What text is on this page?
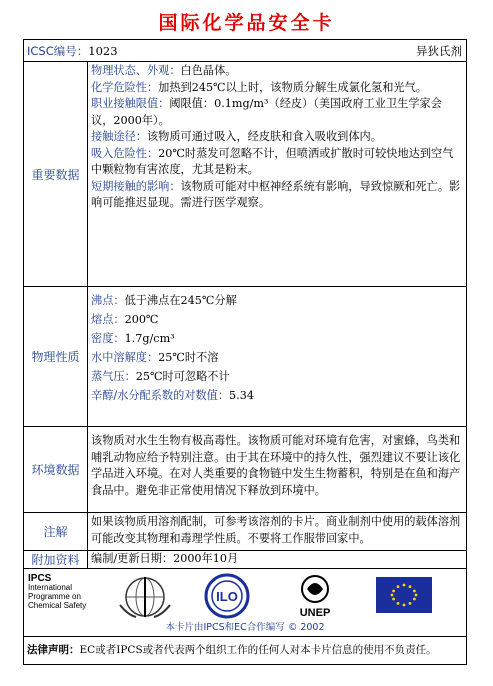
国际化学品安全卡
ICSC编号：1023	异狄氏剂
重要数据

物理状态、外观：白色晶体。

化学危险性：加热到245℃以上时，该物质分解生成氯化氢和光气。

职业接触限值：阈限值：0.1mg/m³（经皮）（美国政府工业卫生学家会议，2000年）。

接触途径：该物质可通过吸入，经皮肤和食入吸收到体内。

吸入危险性：20℃时蒸发可忽略不计，但喷洒或扩散时可较快地达到空气中颗粒物有害浓度，尤其是粉末。

短期接触的影响：该物质可能对中枢神经系统有影响，导致惊厥和死亡。影响可能推迟显现。需进行医学观察。

物理性质

沸点：低于沸点在245℃分解

熔点：200℃

密度：1.7g/cm³

水中溶解度：25℃时不溶

蒸气压：25℃时可忽略不计

辛醇/水分配系数的对数值：5.34

环境数据
该物质对水生生物有极高毒性。该物质可能对环境有危害，对蜜蜂，鸟类和哺乳动物应给予特别注意。由于其在环境中的持久性，强烈建议不要让该化学品进入环境。在对人类重要的食物链中发生生物蓄积，特别是在鱼和海产食品中。避免非正常使用情况下释放到环境中。
注解
如果该物质用溶剂配制，可参考该溶剂的卡片。商业制剂中使用的载体溶剂可能改变其物理和毒理学性质。不要将工作服带回家中。
附加资料	编制/更新日期：2000年10月
IPCS
International
Programme on
Chemical Safety
ILO
UNEP
本卡片由IPCS和EC合作编写 © 2002
法律声明：EC或者IPCS或者代表两个组织工作的任何人对本卡片信息的使用不负责任。
